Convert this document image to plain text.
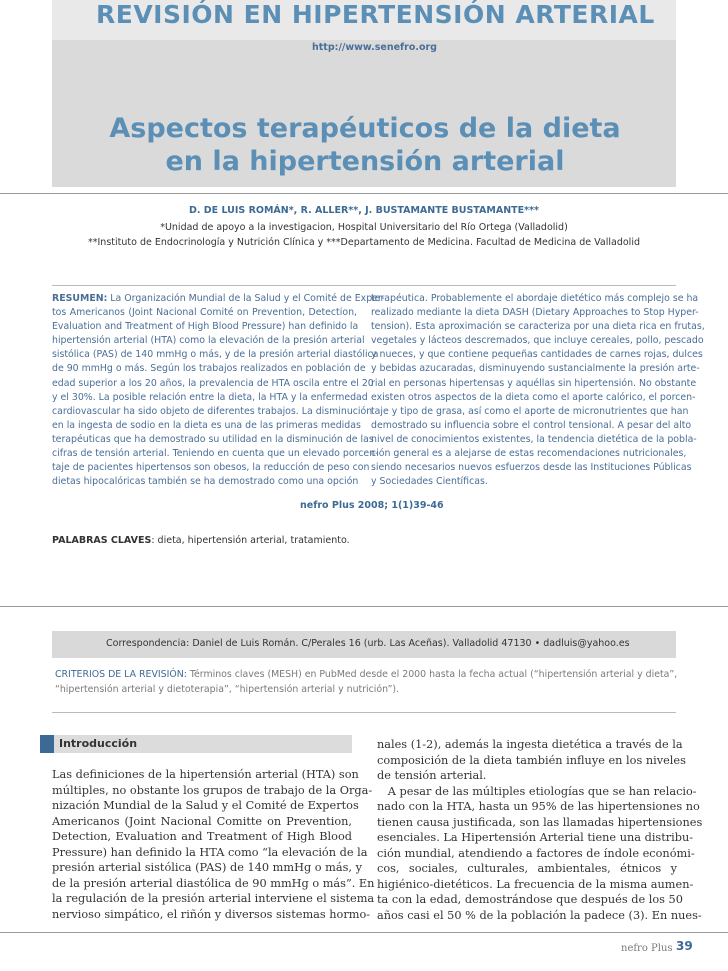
REVISIÓN EN HIPERTENSIÓN ARTERIAL
http://www.senefro.org
Aspectos terapéuticos de la dieta
en la hipertensión arterial
D. DE LUIS ROMÁN*, R. ALLER**, J. BUSTAMANTE BUSTAMANTE***
*Unidad de apoyo a la investigacion, Hospital Universitario del Río Ortega (Valladolid)
**Instituto de Endocrinología y Nutrición Clínica y ***Departamento de Medicina. Facultad de Medicina de Valladolid
RESUMEN: La Organización Mundial de la Salud y el Comité de Exper-
tos Americanos (Joint Nacional Comité on Prevention, Detection,
Evaluation and Treatment of High Blood Pressure) han definido la
hipertensión arterial (HTA) como la elevación de la presión arterial
sistólica (PAS) de 140 mmHg o más, y de la presión arterial diastólica
de 90 mmHg o más. Según los trabajos realizados en población de
edad superior a los 20 años, la prevalencia de HTA oscila entre el 20
y el 30%. La posible relación entre la dieta, la HTA y la enfermedad
cardiovascular ha sido objeto de diferentes trabajos. La disminución
en la ingesta de sodio en la dieta es una de las primeras medidas
terapéuticas que ha demostrado su utilidad en la disminución de las
cifras de tensión arterial. Teniendo en cuenta que un elevado porcen-
taje de pacientes hipertensos son obesos, la reducción de peso con
dietas hipocalóricas también se ha demostrado como una opción
terapéutica. Probablemente el abordaje dietético más complejo se ha
realizado mediante la dieta DASH (Dietary Approaches to Stop Hyper-
tension). Esta aproximación se caracteriza por una dieta rica en frutas,
vegetales y lácteos descremados, que incluye cereales, pollo, pescado
y nueces, y que contiene pequeñas cantidades de carnes rojas, dulces
y bebidas azucaradas, disminuyendo sustancialmente la presión arte-
rial en personas hipertensas y aquéllas sin hipertensión. No obstante
existen otros aspectos de la dieta como el aporte calórico, el porcen-
taje y tipo de grasa, así como el aporte de micronutrientes que han
demostrado su influencia sobre el control tensional. A pesar del alto
nivel de conocimientos existentes, la tendencia dietética de la pobla-
ción general es a alejarse de estas recomendaciones nutricionales,
siendo necesarios nuevos esfuerzos desde las Instituciones Públicas
y Sociedades Científicas.
nefro Plus 2008; 1(1)39-46
PALABRAS CLAVES: dieta, hipertensión arterial, tratamiento.
Correspondencia: Daniel de Luis Román. C/Perales 16 (urb. Las Aceñas). Valladolid 47130 • dadluis@yahoo.es
CRITERIOS DE LA REVISIÓN: Términos claves (MESH) en PubMed desde el 2000 hasta la fecha actual (“hipertensión arterial y dieta”, “hipertensión arterial y dietoterapia”, “hipertensión arterial y nutrición”).
Introducción
Las definiciones de la hipertensión arterial (HTA) son
múltiples, no obstante los grupos de trabajo de la Orga-
nización Mundial de la Salud y el Comité de Expertos
Americanos (Joint Nacional Comitte on Prevention,
Detection, Evaluation and Treatment of High Blood
Pressure) han definido la HTA como “la elevación de la
presión arterial sistólica (PAS) de 140 mmHg o más, y
de la presión arterial diastólica de 90 mmHg o más”. En
la regulación de la presión arterial interviene el sistema
nervioso simpático, el riñón y diversos sistemas hormo-
nales (1-2), además la ingesta dietética a través de la
composición de la dieta también influye en los niveles
de tensión arterial.
A pesar de las múltiples etiologías que se han relacio-
nado con la HTA, hasta un 95% de las hipertensiones no
tienen causa justificada, son las llamadas hipertensiones
esenciales. La Hipertensión Arterial tiene una distribu-
ción mundial, atendiendo a factores de índole económi-
cos, sociales, culturales, ambientales, étnicos y
higiénico-dietéticos. La frecuencia de la misma aumen-
ta con la edad, demostrándose que después de los 50
años casi el 50 % de la población la padece (3). En nues-
nefro Plus 39
